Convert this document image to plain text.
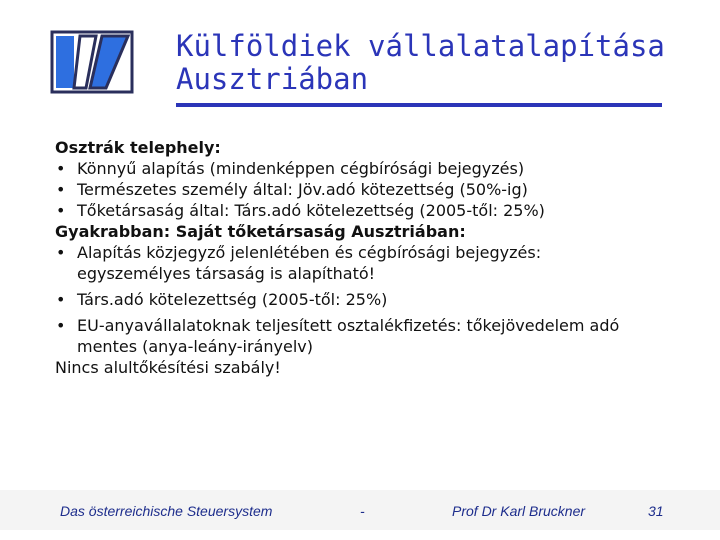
Külföldiek vállalatalapítása
Ausztriában

Osztrák telephely:

• Könnyű alapítás (mindenképpen cégbírósági bejegyzés)

• Természetes személy által: Jöv.adó kötezettség (50%-ig)

• Tőketársaság által: Társ.adó kötelezettség (2005-től: 25%)

Gyakrabban: Saját tőketársaság Ausztriában:

• Alapítás közjegyző jelenlétében és cégbírósági bejegyzés:
egyszemélyes társaság is alapítható!

• Társ.adó kötelezettség (2005-től: 25%)

• EU-anyavállalatoknak teljesített osztalékfizetés: tőkejövedelem adó
mentes (anya-leány-irányelv)

Nincs alultőkésítési szabály!

Das österreichische Steuersystem	-	Prof Dr Karl Bruckner	31
